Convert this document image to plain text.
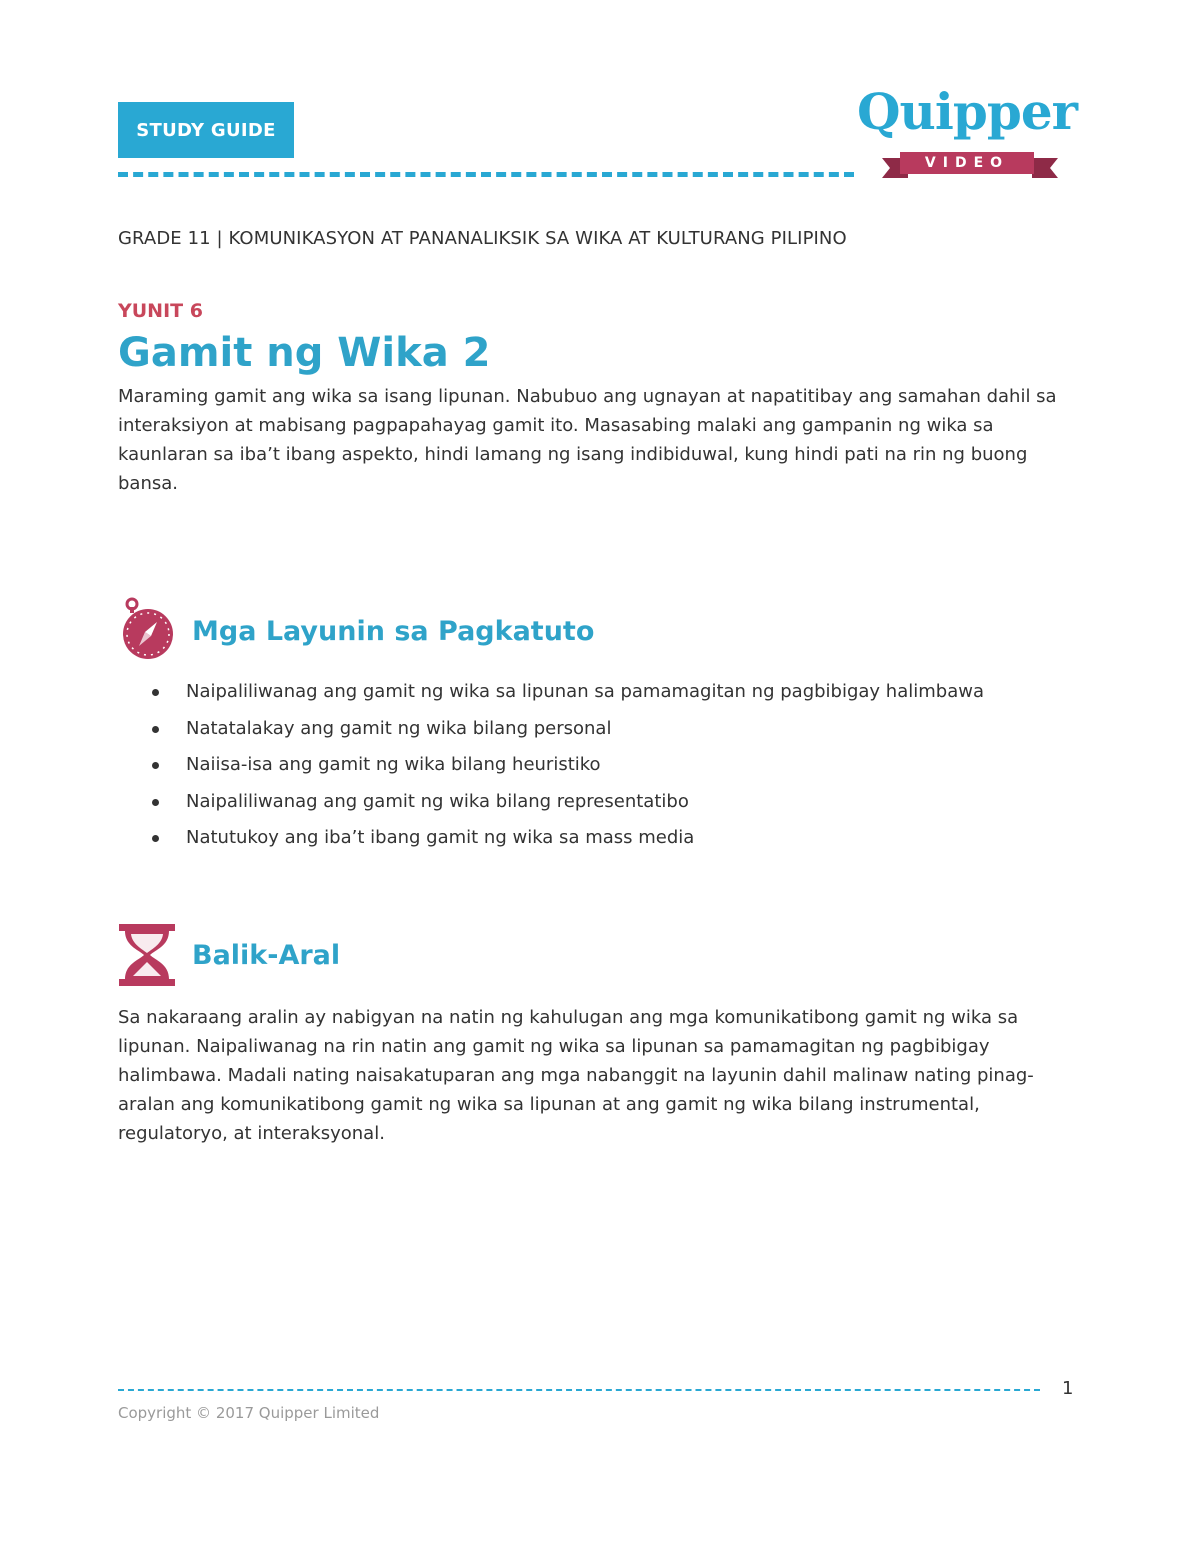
STUDY GUIDE	Quipper
VIDEO
GRADE 11 | KOMUNIKASYON AT PANANALIKSIK SA WIKA AT KULTURANG PILIPINO
YUNIT 6
Gamit ng Wika 2
Maraming gamit ang wika sa isang lipunan. Nabubuo ang ugnayan at napatitibay ang samahan dahil sa interaksiyon at mabisang pagpapahayag gamit ito. Masasabing malaki ang gampanin ng wika sa kaunlaran sa iba’t ibang aspekto, hindi lamang ng isang indibiduwal, kung hindi pati na rin ng buong bansa.
Mga Layunin sa Pagkatuto
Naipaliliwanag ang gamit ng wika sa lipunan sa pamamagitan ng pagbibigay halimbawa
Natatalakay ang gamit ng wika bilang personal
Naiisa-isa ang gamit ng wika bilang heuristiko
Naipaliliwanag ang gamit ng wika bilang representatibo
Natutukoy ang iba’t ibang gamit ng wika sa mass media
Balik-Aral
Sa nakaraang aralin ay nabigyan na natin ng kahulugan ang mga komunikatibong gamit ng wika sa lipunan. Naipaliwanag na rin natin ang gamit ng wika sa lipunan sa pamamagitan ng pagbibigay halimbawa. Madali nating naisakatuparan ang mga nabanggit na layunin dahil malinaw nating pinag-aralan ang komunikatibong gamit ng wika sa lipunan at ang gamit ng wika bilang instrumental, regulatoryo, at interaksyonal.
1
Copyright © 2017 Quipper Limited
